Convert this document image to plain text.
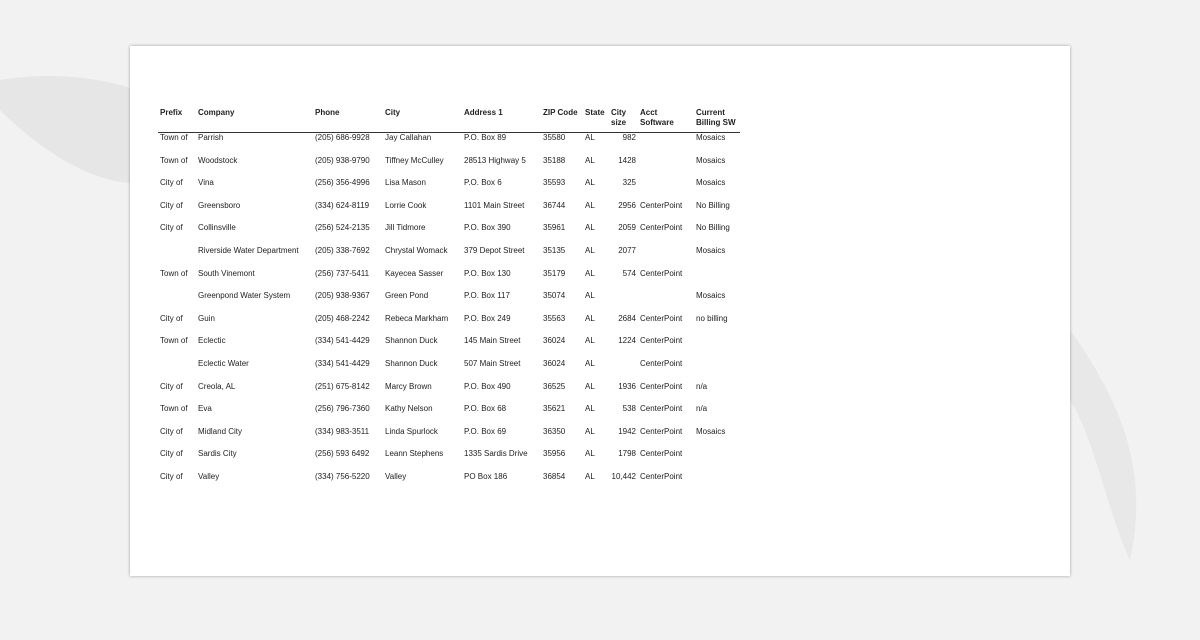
Prefix	Company	Phone	City	Address 1	ZIP Code	State	City size	Acct Software	Current Billing SW
Town of	Parrish	(205) 686-9928	Jay Callahan	P.O. Box 89	35580	AL	982		Mosaics
Town of	Woodstock	(205) 938-9790	Tiffney McCulley	28513 Highway 5	35188	AL	1428		Mosaics
City of	Vina	(256) 356-4996	Lisa Mason	P.O. Box 6	35593	AL	325		Mosaics
City of	Greensboro	(334) 624-8119	Lorrie Cook	1101 Main Street	36744	AL	2956	CenterPoint	No Billing
City of	Collinsville	(256) 524-2135	Jill Tidmore	P.O. Box 390	35961	AL	2059	CenterPoint	No Billing
	Riverside Water Department	(205) 338-7692	Chrystal Womack	379 Depot Street	35135	AL	2077		Mosaics
Town of	South Vinemont	(256) 737-5411	Kayecea Sasser	P.O. Box 130	35179	AL	574	CenterPoint	
	Greenpond Water System	(205) 938-9367	Green Pond	P.O. Box 117	35074	AL			Mosaics
City of	Guin	(205) 468-2242	Rebeca Markham	P.O. Box 249	35563	AL	2684	CenterPoint	no billing
Town of	Eclectic	(334) 541-4429	Shannon Duck	145 Main Street	36024	AL	1224	CenterPoint	
	Eclectic Water	(334) 541-4429	Shannon Duck	507 Main Street	36024	AL		CenterPoint	
City of	Creola, AL	(251) 675-8142	Marcy Brown	P.O. Box 490	36525	AL	1936	CenterPoint	n/a
Town of	Eva	(256) 796-7360	Kathy Nelson	P.O. Box 68	35621	AL	538	CenterPoint	n/a
City of	Midland City	(334) 983-3511	Linda Spurlock	P.O. Box 69	36350	AL	1942	CenterPoint	Mosaics
City of	Sardis City	(256) 593 6492	Leann Stephens	1335 Sardis Drive	35956	AL	1798	CenterPoint	
City of	Valley	(334) 756-5220	Valley	PO Box 186	36854	AL	10,442	CenterPoint	
